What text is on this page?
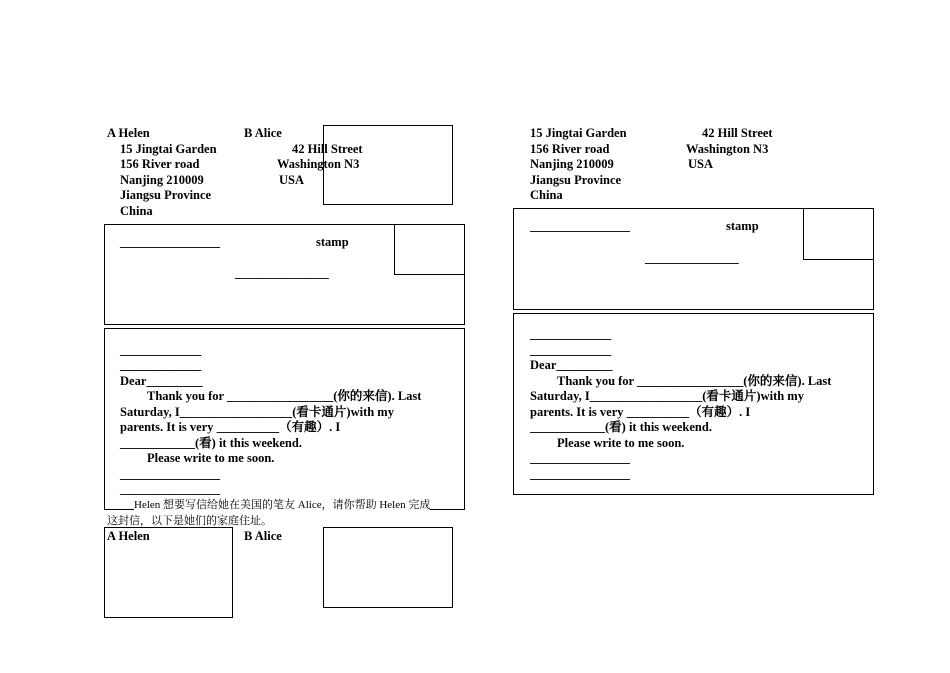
A Helen	B Alice
15 Jingtai Garden
156 River road
Nanjing 210009
Jiangsu Province
China
42 Hill Street
Washington N3
USA
________________	stamp
_______________
_____________
_____________
Dear_________
Thank you for _________________(你的来信). Last
Saturday, I__________________(看卡通片)with my
parents. It is very __________（有趣）. I
____________(看) it this weekend.
Please write to me soon.
________________
________________
Helen 想要写信给她在美国的笔友 Alice，请你帮助 Helen 完成
这封信，以下是她们的家庭住址。
A Helen	B Alice
15 Jingtai Garden
156 River road
Nanjing 210009
Jiangsu Province
China
42 Hill Street
Washington N3
USA
________________	stamp
_______________
_____________
_____________
Dear_________
Thank you for _________________(你的来信). Last
Saturday, I__________________(看卡通片)with my
parents. It is very __________（有趣）. I
____________(看) it this weekend.
Please write to me soon.
________________
________________
